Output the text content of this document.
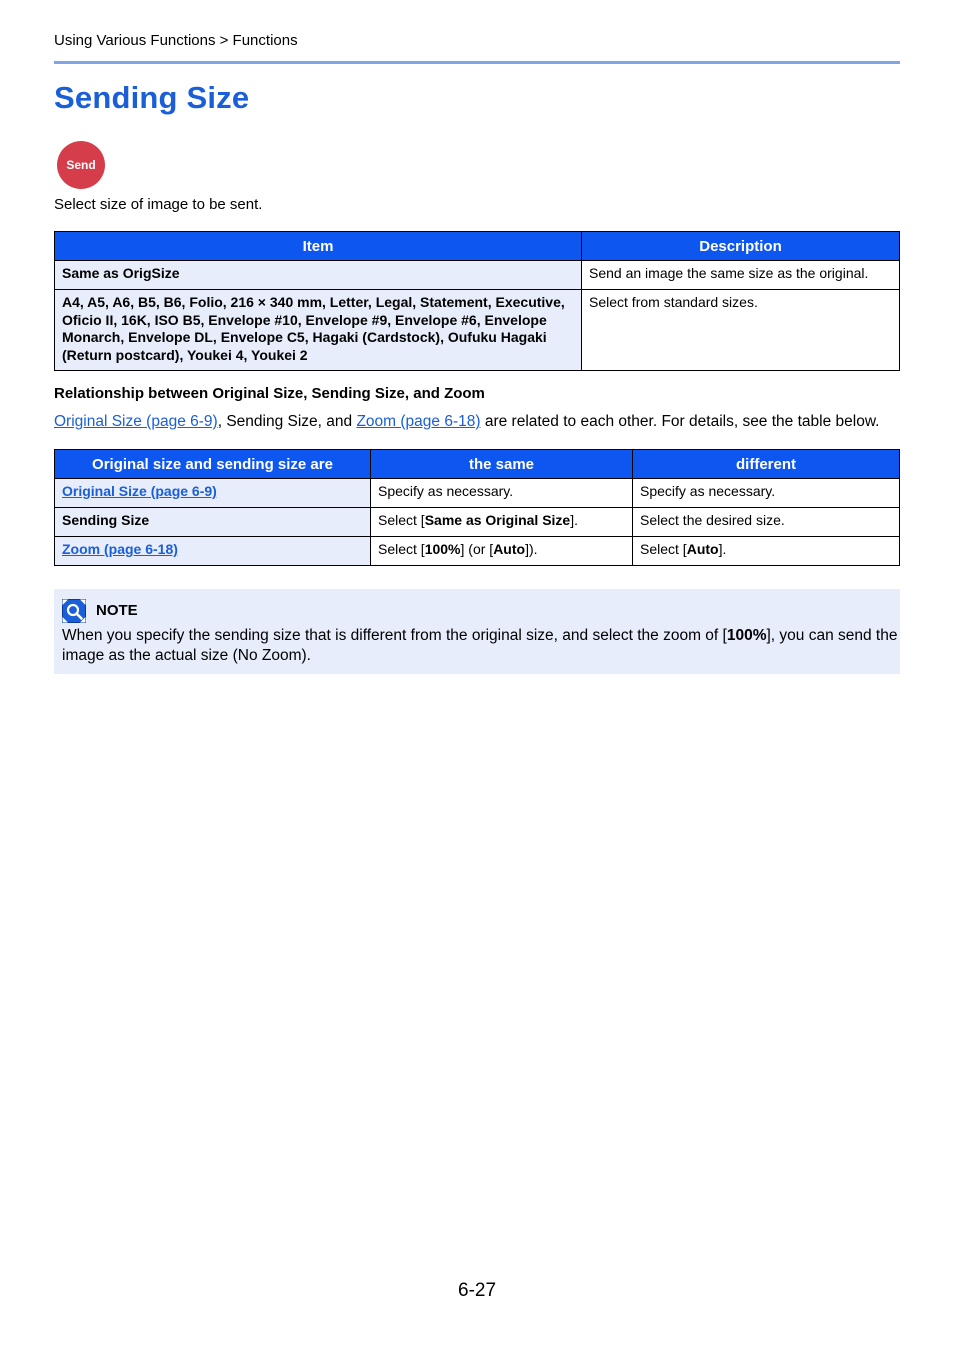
Using Various Functions > Functions
Sending Size
Send
Select size of image to be sent.
Item	Description
Same as OrigSize	Send an image the same size as the original.
A4, A5, A6, B5, B6, Folio, 216 × 340 mm, Letter, Legal, Statement, Executive, Oficio II, 16K, ISO B5, Envelope #10, Envelope #9, Envelope #6, Envelope Monarch, Envelope DL, Envelope C5, Hagaki (Cardstock), Oufuku Hagaki (Return postcard), Youkei 4, Youkei 2	Select from standard sizes.
Relationship between Original Size, Sending Size, and Zoom
Original Size (page 6-9), Sending Size, and Zoom (page 6-18) are related to each other. For details, see the table below.
Original size and sending size are	the same	different
Original Size (page 6-9)	Specify as necessary.	Specify as necessary.
Sending Size	Select [Same as Original Size].	Select the desired size.
Zoom (page 6-18)	Select [100%] (or [Auto]).	Select [Auto].
NOTE
When you specify the sending size that is different from the original size, and select the zoom of [100%], you can send the image as the actual size (No Zoom).
6-27
